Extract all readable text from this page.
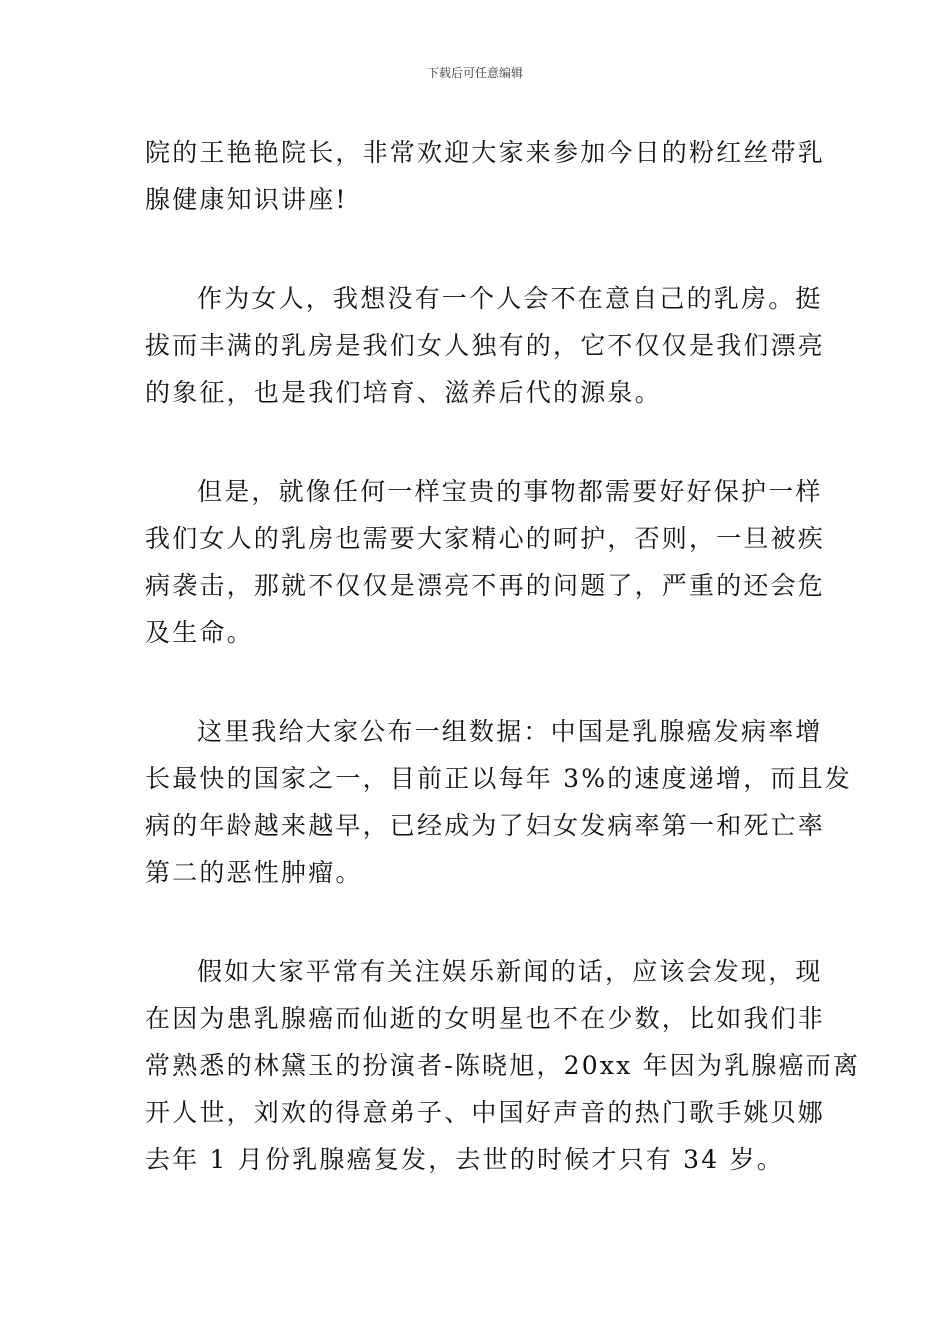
下载后可任意编辑
院的王艳艳院长，非常欢迎大家来参加今日的粉红丝带乳
腺健康知识讲座!
作为女人，我想没有一个人会不在意自己的乳房。挺
拔而丰满的乳房是我们女人独有的，它不仅仅是我们漂亮
的象征，也是我们培育、滋养后代的源泉。
但是，就像任何一样宝贵的事物都需要好好保护一样
我们女人的乳房也需要大家精心的呵护，否则，一旦被疾
病袭击，那就不仅仅是漂亮不再的问题了，严重的还会危
及生命。
这里我给大家公布一组数据：中国是乳腺癌发病率增
长最快的国家之一，目前正以每年 3%的速度递增，而且发
病的年龄越来越早，已经成为了妇女发病率第一和死亡率
第二的恶性肿瘤。
假如大家平常有关注娱乐新闻的话，应该会发现，现
在因为患乳腺癌而仙逝的女明星也不在少数，比如我们非
常熟悉的林黛玉的扮演者-陈晓旭，20xx 年因为乳腺癌而离
开人世，刘欢的得意弟子、中国好声音的热门歌手姚贝娜
去年 1 月份乳腺癌复发，去世的时候才只有 34 岁。
